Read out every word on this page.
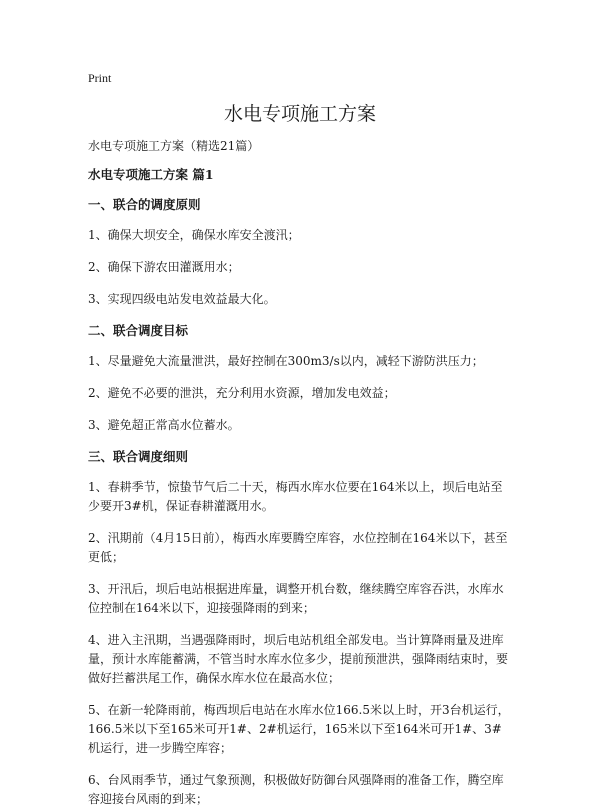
Print
水电专项施工方案

水电专项施工方案（精选21篇）

水电专项施工方案 篇1

一、联合的调度原则

1、确保大坝安全，确保水库安全渡汛；

2、确保下游农田灌溉用水；

3、实现四级电站发电效益最大化。

二、联合调度目标

1、尽量避免大流量泄洪，最好控制在300m3/s以内，减轻下游防洪压力；

2、避免不必要的泄洪，充分利用水资源，增加发电效益；

3、避免超正常高水位蓄水。

三、联合调度细则

1、春耕季节，惊蛰节气后二十天，梅西水库水位要在164米以上，坝后电站至少要开3#机，保证春耕灌溉用水。

2、汛期前（4月15日前），梅西水库要腾空库容，水位控制在164米以下，甚至更低；

3、开汛后，坝后电站根据进库量，调整开机台数，继续腾空库容吞洪，水库水位控制在164米以下，迎接强降雨的到来；

4、进入主汛期，当遇强降雨时，坝后电站机组全部发电。当计算降雨量及进库量，预计水库能蓄满，不管当时水库水位多少，提前预泄洪，强降雨结束时，要做好拦蓄洪尾工作，确保水库水位在最高水位；

5、在新一轮降雨前，梅西坝后电站在水库水位166.5米以上时，开3台机运行，166.5米以下至165米可开1#、2#机运行，165米以下至164米可开1#、3#机运行，进一步腾空库容；

6、台风雨季节，通过气象预测，积极做好防御台风强降雨的准备工作，腾空库容迎接台风雨的到来；
